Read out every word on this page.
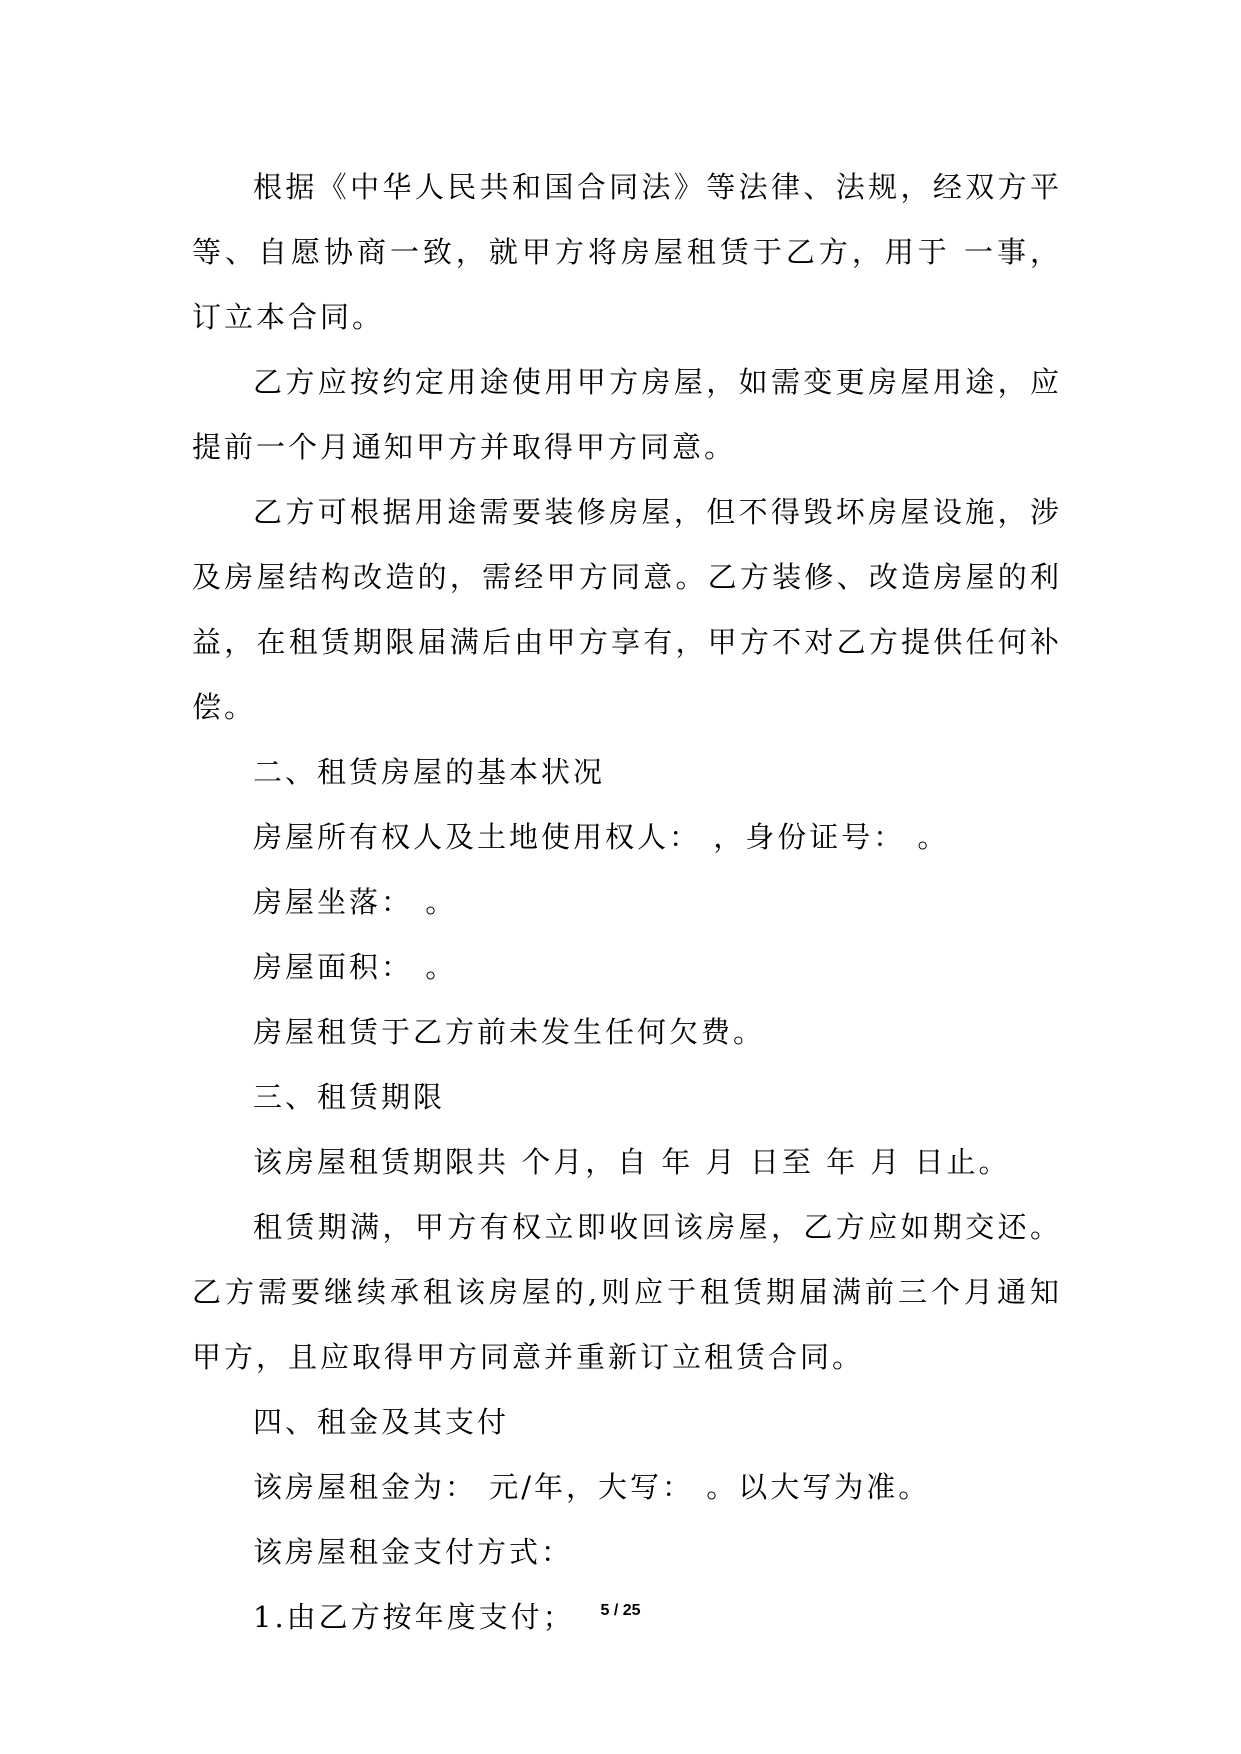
根据《中华人民共和国合同法》等法律、法规，经双方平等、自愿协商一致，就甲方将房屋租赁于乙方，用于 一事，订立本合同。

乙方应按约定用途使用甲方房屋，如需变更房屋用途，应提前一个月通知甲方并取得甲方同意。

乙方可根据用途需要装修房屋，但不得毁坏房屋设施，涉及房屋结构改造的，需经甲方同意。乙方装修、改造房屋的利益，在租赁期限届满后由甲方享有，甲方不对乙方提供任何补偿。

二、租赁房屋的基本状况

房屋所有权人及土地使用权人： ，身份证号： 。

房屋坐落： 。

房屋面积： 。

房屋租赁于乙方前未发生任何欠费。

三、租赁期限

该房屋租赁期限共 个月，自 年 月 日至 年 月 日止。

租赁期满，甲方有权立即收回该房屋，乙方应如期交还。乙方需要继续承租该房屋的,则应于租赁期届满前三个月通知甲方，且应取得甲方同意并重新订立租赁合同。

四、租金及其支付

该房屋租金为： 元/年，大写： 。以大写为准。

该房屋租金支付方式：

1.由乙方按年度支付；	5 / 25
